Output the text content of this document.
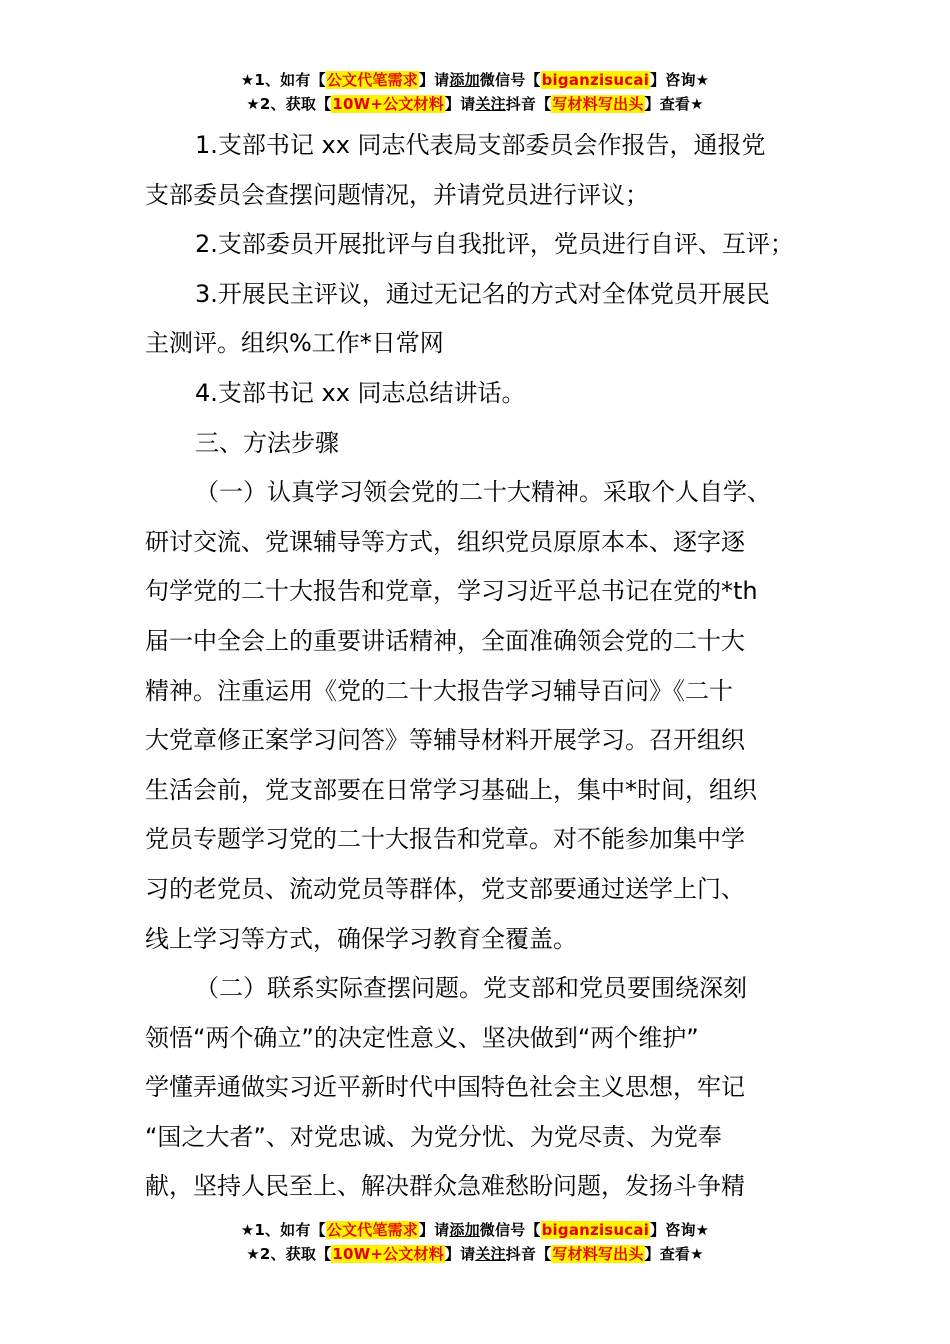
★1、如有【公文代笔需求】请添加微信号【biganzisucai】咨询★
★2、获取【10W+公文材料】请关注抖音【写材料写出头】查看★

1.支部书记 xx 同志代表局支部委员会作报告，通报党

支部委员会查摆问题情况，并请党员进行评议；

2.支部委员开展批评与自我批评，党员进行自评、互评；

3.开展民主评议，通过无记名的方式对全体党员开展民

主测评。组织%工作*日常网

4.支部书记 xx 同志总结讲话。

三、方法步骤

（一）认真学习领会党的二十大精神。采取个人自学、

研讨交流、党课辅导等方式，组织党员原原本本、逐字逐

句学党的二十大报告和党章，学习习近平总书记在党的*th

届一中全会上的重要讲话精神，全面准确领会党的二十大

精神。注重运用《党的二十大报告学习辅导百问》《二十

大党章修正案学习问答》等辅导材料开展学习。召开组织

生活会前，党支部要在日常学习基础上，集中*时间，组织

党员专题学习党的二十大报告和党章。对不能参加集中学

习的老党员、流动党员等群体，党支部要通过送学上门、

线上学习等方式，确保学习教育全覆盖。

（二）联系实际查摆问题。党支部和党员要围绕深刻

领悟“两个确立”的决定性意义、坚决做到“两个维护”

学懂弄通做实习近平新时代中国特色社会主义思想，牢记

“国之大者”、对党忠诚、为党分忧、为党尽责、为党奉

献，坚持人民至上、解决群众急难愁盼问题，发扬斗争精

★1、如有【公文代笔需求】请添加微信号【biganzisucai】咨询★
★2、获取【10W+公文材料】请关注抖音【写材料写出头】查看★
